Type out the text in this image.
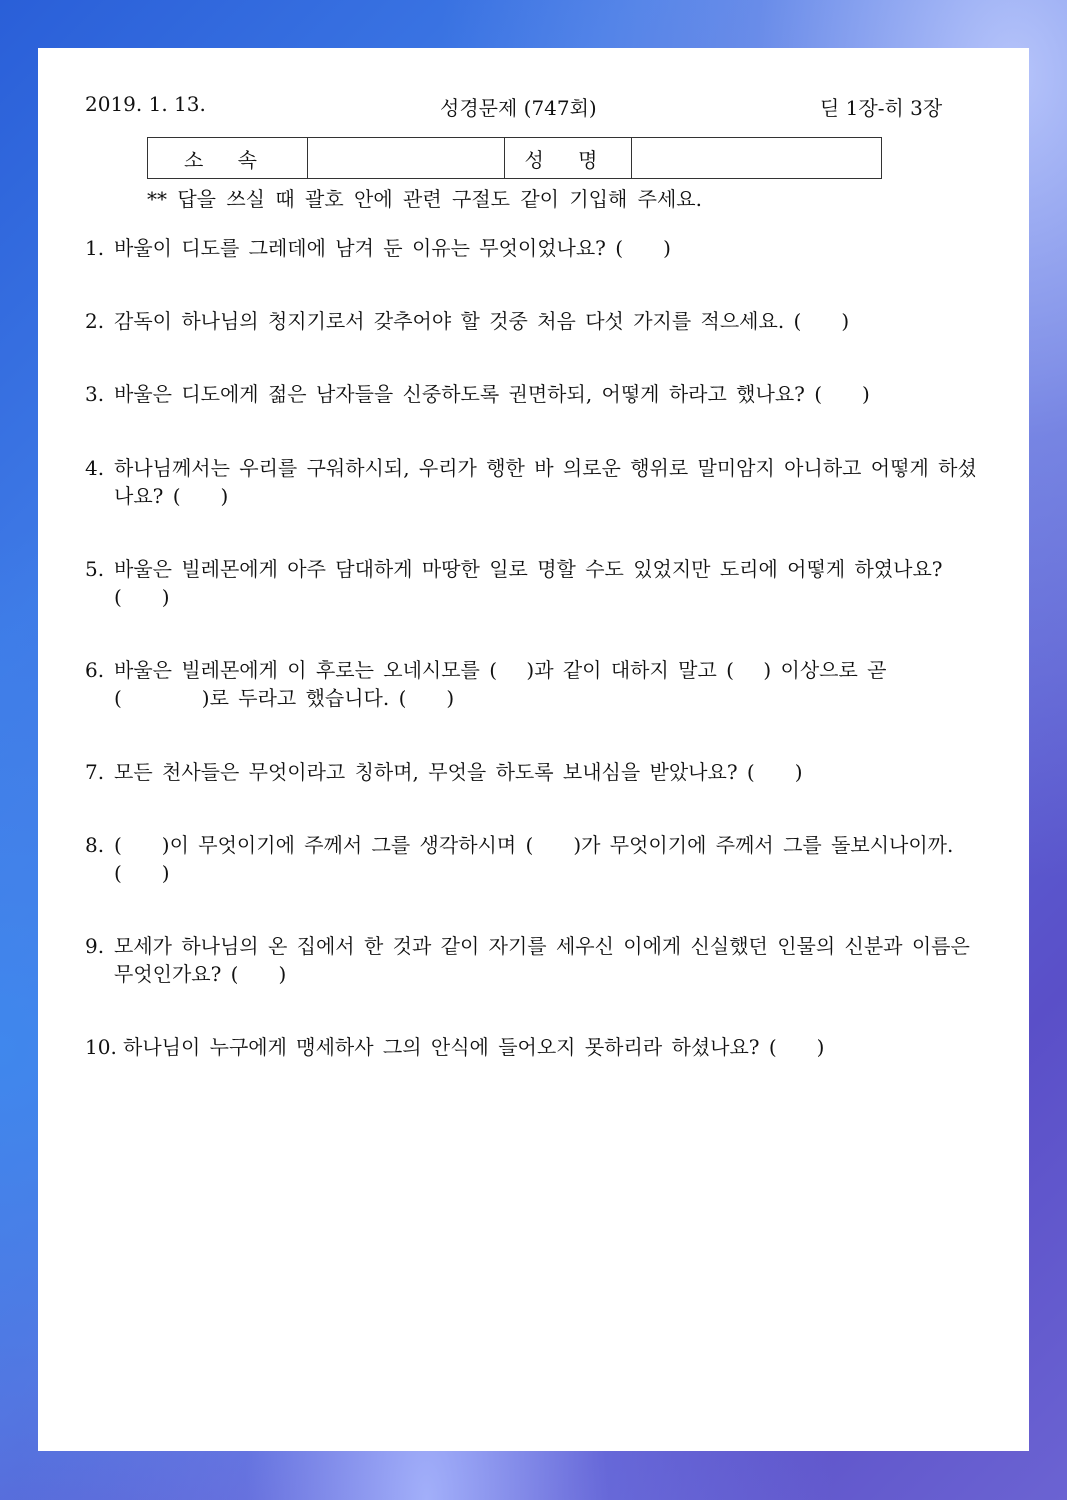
2019. 1. 13.	성경문제 (747회)	딛 1장-히 3장
소 속	성 명
** 답을 쓰실 때 괄호 안에 관련 구절도 같이 기입해 주세요.
1. 바울이 디도를 그레데에 남겨 둔 이유는 무엇이었나요? (　　)
2. 감독이 하나님의 청지기로서 갖추어야 할 것중 처음 다섯 가지를 적으세요. (　　)
3. 바울은 디도에게 젊은 남자들을 신중하도록 권면하되, 어떻게 하라고 했나요? (　　)
4. 하나님께서는 우리를 구워하시되, 우리가 행한 바 의로운 행위로 말미암지 아니하고 어떻게 하셨나요? (　　)
5. 바울은 빌레몬에게 아주 담대하게 마땅한 일로 명할 수도 있었지만 도리에 어떻게 하였나요? (　　)
6. 바울은 빌레몬에게 이 후로는 오네시모를 (　 )과 같이 대하지 말고 (　 ) 이상으로 곧 (　　　　)로 두라고 했습니다. (　　)
7. 모든 천사들은 무엇이라고 칭하며, 무엇을 하도록 보내심을 받았나요? (　　)
8. (　　)이 무엇이기에 주께서 그를 생각하시며 (　　)가 무엇이기에 주께서 그를 돌보시나이까. (　　)
9. 모세가 하나님의 온 집에서 한 것과 같이 자기를 세우신 이에게 신실했던 인물의 신분과 이름은 무엇인가요? (　　)
10. 하나님이 누구에게 맹세하사 그의 안식에 들어오지 못하리라 하셨나요? (　　)
